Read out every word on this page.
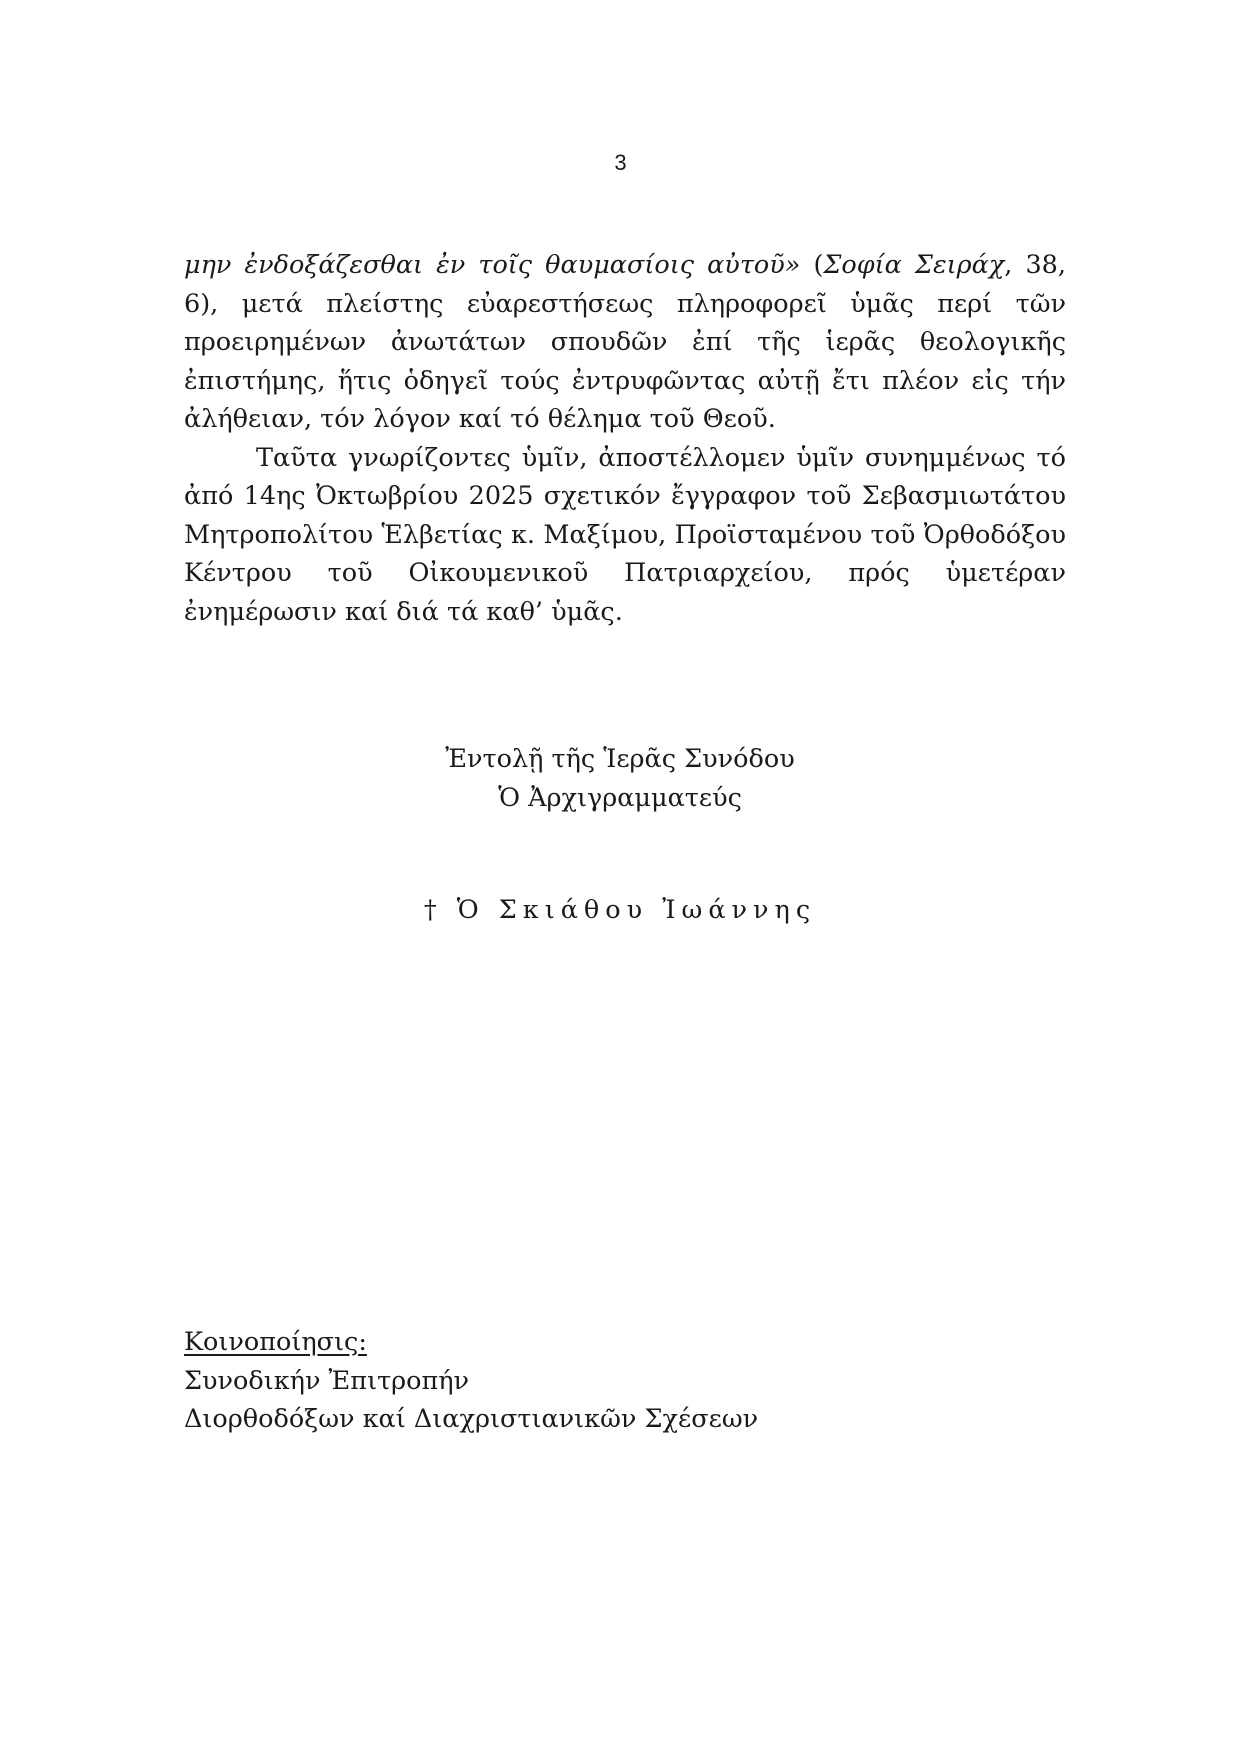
3

μην ἐνδοξάζεσθαι ἐν τοῖς θαυμασίοις αὐτοῦ» (Σοφία Σειράχ, 38, 6), μετά πλείστης εὐαρεστήσεως πληροφορεῖ ὑμᾶς περί τῶν προειρημένων ἀνωτάτων σπουδῶν ἐπί τῆς ἱερᾶς θεολογικῆς ἐπιστήμης, ἥτις ὁδηγεῖ τούς ἐντρυφῶντας αὐτῇ ἔτι πλέον εἰς τήν ἀλήθειαν, τόν λόγον καί τό θέλημα τοῦ Θεοῦ.

Ταῦτα γνωρίζοντες ὑμῖν, ἀποστέλλομεν ὑμῖν συνημμένως τό ἀπό 14ης Ὀκτωβρίου 2025 σχετικόν ἔγγραφον τοῦ Σεβασμιωτάτου Μητροπολίτου Ἑλβετίας κ. Μαξίμου, Προϊσταμένου τοῦ Ὀρθοδόξου Κέντρου τοῦ Οἰκουμενικοῦ Πατριαρχείου, πρός ὑμετέραν ἐνημέρωσιν καί διά τά καθ’ ὑμᾶς.

Ἐντολῇ τῆς Ἱερᾶς Συνόδου
Ὁ Ἀρχιγραμματεύς
† Ὁ Σκιάθου Ἰωάννης
Κοινοποίησις:
Συνοδικήν Ἐπιτροπήν
Διορθοδόξων καί Διαχριστιανικῶν Σχέσεων
